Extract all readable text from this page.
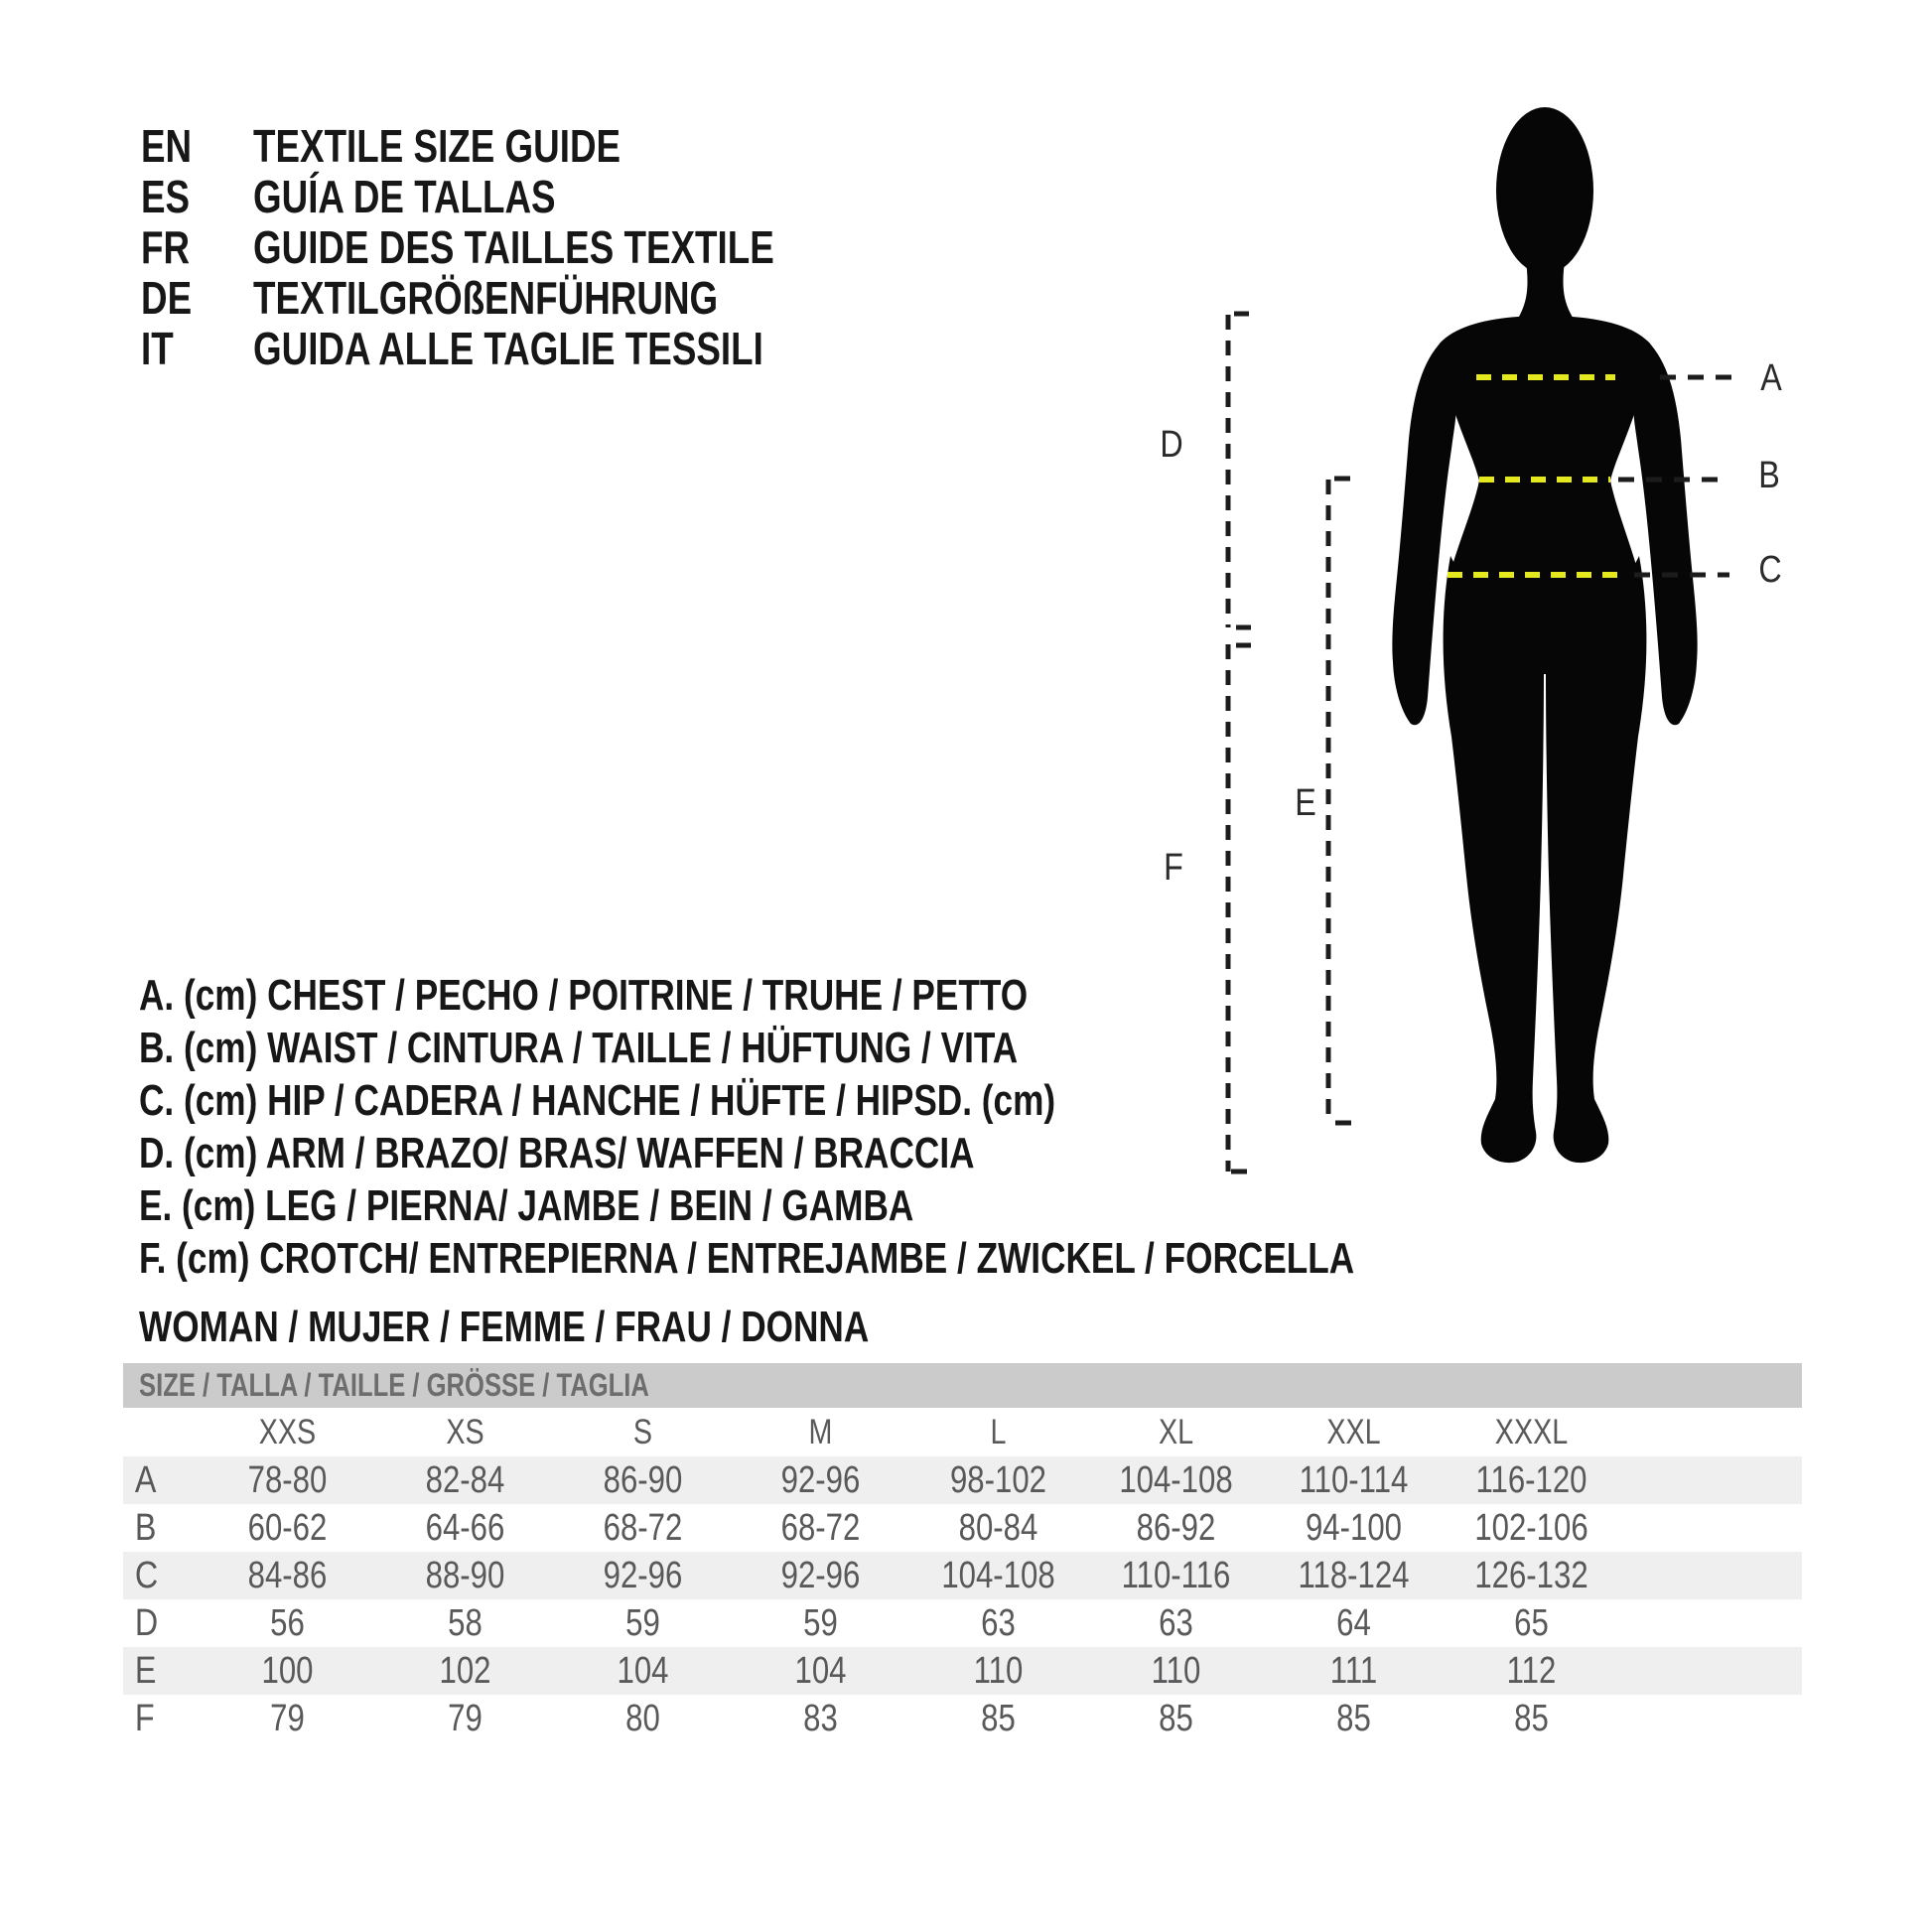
EN TEXTILE SIZE GUIDE
ES GUÍA DE TALLAS
FR GUIDE DES TAILLES TEXTILE
DE TEXTILGRÖßENFÜHRUNG
IT GUIDA ALLE TAGLIE TESSILI
A
B
C
D
E
F
A. (cm) CHEST / PECHO / POITRINE / TRUHE / PETTO
B. (cm) WAIST / CINTURA / TAILLE / HÜFTUNG / VITA
C. (cm) HIP / CADERA / HANCHE / HÜFTE / HIPSD. (cm)
D. (cm) ARM / BRAZO/ BRAS/ WAFFEN / BRACCIA
E. (cm) LEG / PIERNA/ JAMBE / BEIN / GAMBA
F. (cm) CROTCH/ ENTREPIERNA / ENTREJAMBE / ZWICKEL / FORCELLA
WOMAN / MUJER / FEMME / FRAU / DONNA
SIZE / TALLA / TAILLE / GRÖSSE / TAGLIA
XXS	XS	S	M	L	XL	XXL	XXXL
A	78-80	82-84	86-90	92-96	98-102	104-108	110-114	116-120
B	60-62	64-66	68-72	68-72	80-84	86-92	94-100	102-106
C	84-86	88-90	92-96	92-96	104-108	110-116	118-124	126-132
D	56	58	59	59	63	63	64	65
E	100	102	104	104	110	110	111	112
F	79	79	80	83	85	85	85	85
